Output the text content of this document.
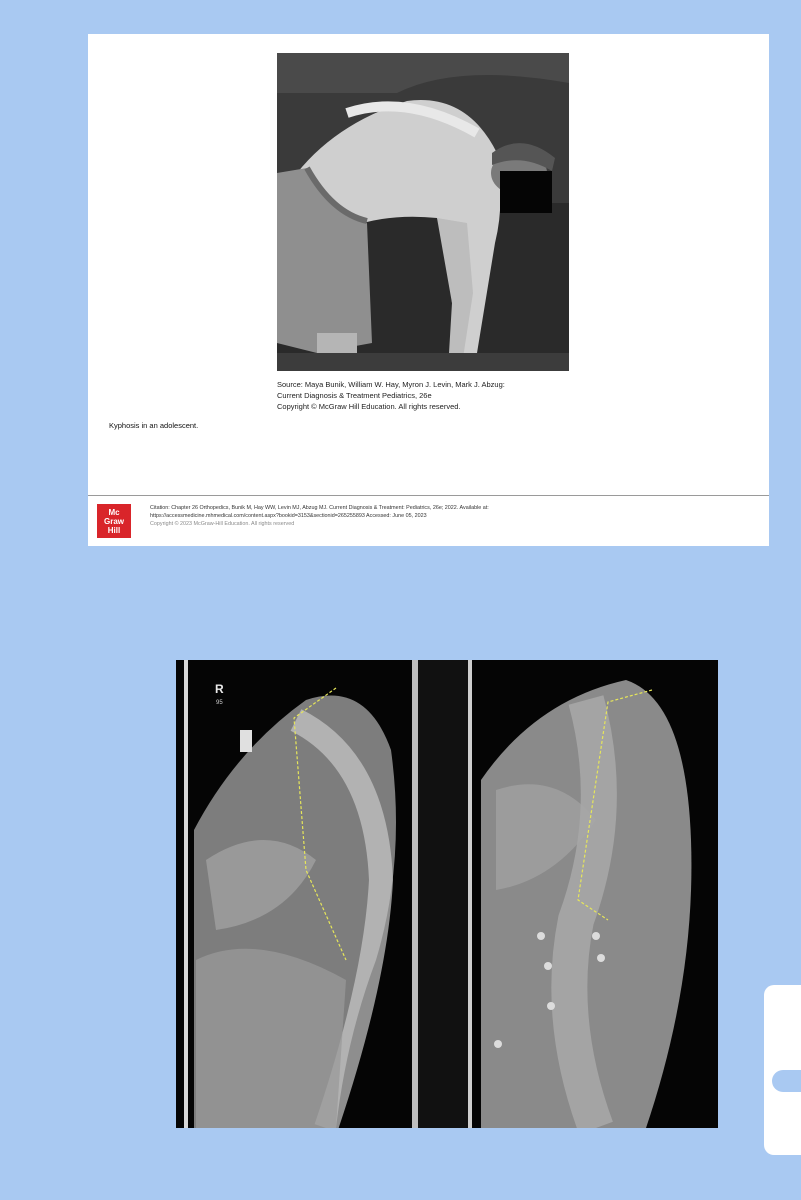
Source: Maya Bunik, William W. Hay, Myron J. Levin, Mark J. Abzug:
Current Diagnosis & Treatment Pediatrics, 26e
Copyright © McGraw Hill Education. All rights reserved.
Kyphosis in an adolescent.
Mc
Graw
Hill
Citation: Chapter 26 Orthopedics, Bunik M, Hay WW, Levin MJ, Abzug MJ. Current Diagnosis & Treatment: Pediatrics, 26e; 2022. Available at:
https://accessmedicine.mhmedical.com/content.aspx?bookid=3153&sectionid=265255893 Accessed: June 05, 2023
Copyright © 2023 McGraw-Hill Education. All rights reserved
R
95
